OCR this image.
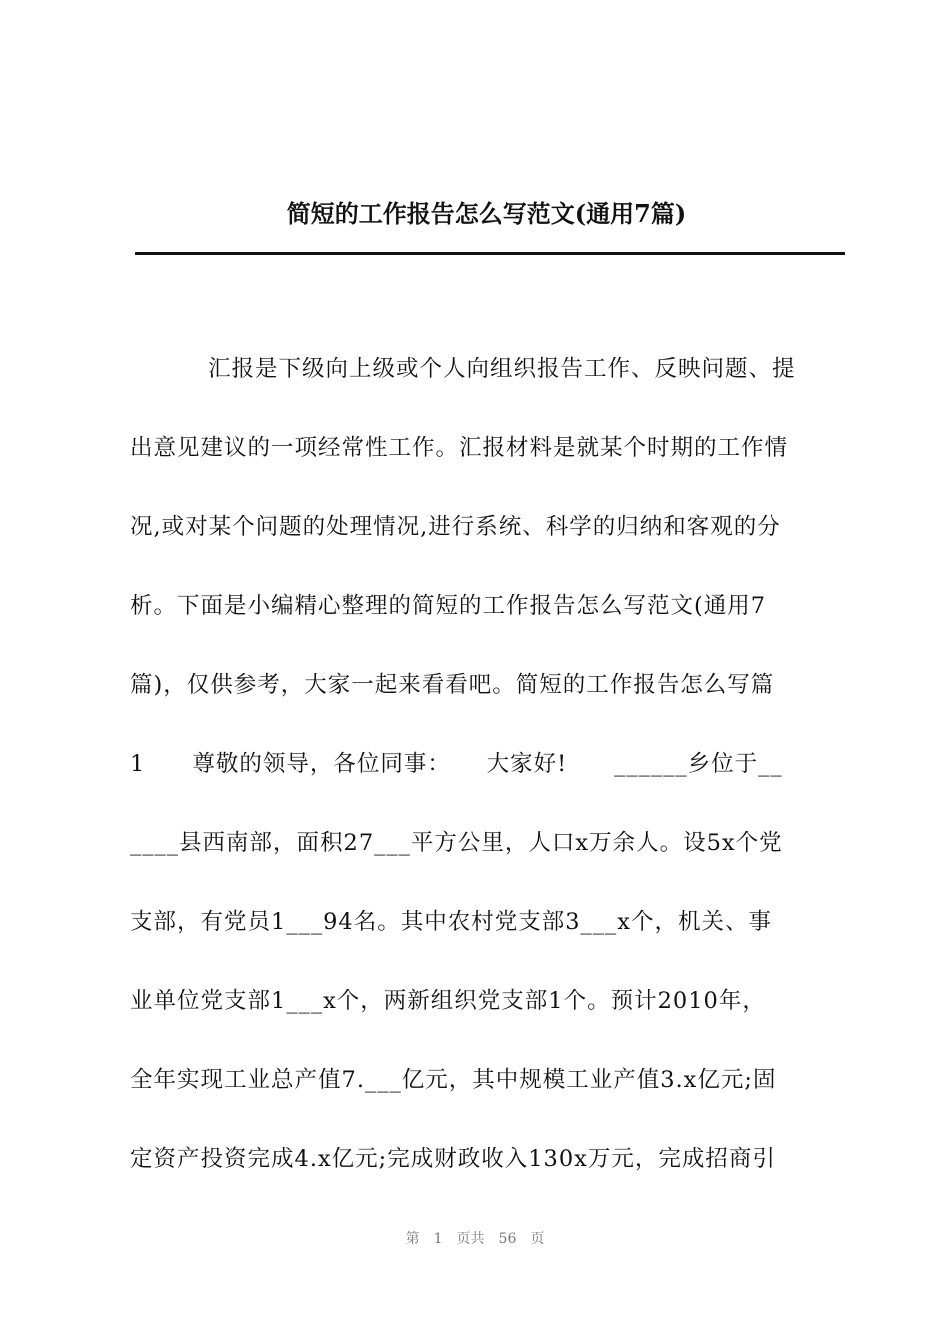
简短的工作报告怎么写范文(通用7篇)
汇报是下级向上级或个人向组织报告工作、反映问题、提
出意见建议的一项经常性工作。汇报材料是就某个时期的工作情
况,或对某个问题的处理情况,进行系统、科学的归纳和客观的分
析。下面是小编精心整理的简短的工作报告怎么写范文(通用7
篇)，仅供参考，大家一起来看看吧。简短的工作报告怎么写篇
1　　尊敬的领导，各位同事：　　大家好!　　______乡位于__
____县西南部，面积27___平方公里，人口x万余人。设5x个党
支部，有党员1___94名。其中农村党支部3___x个，机关、事
业单位党支部1___x个，两新组织党支部1个。预计2010年，
全年实现工业总产值7.___亿元，其中规模工业产值3.x亿元;固
定资产投资完成4.x亿元;完成财政收入130x万元，完成招商引
第　1　页共　56　页
